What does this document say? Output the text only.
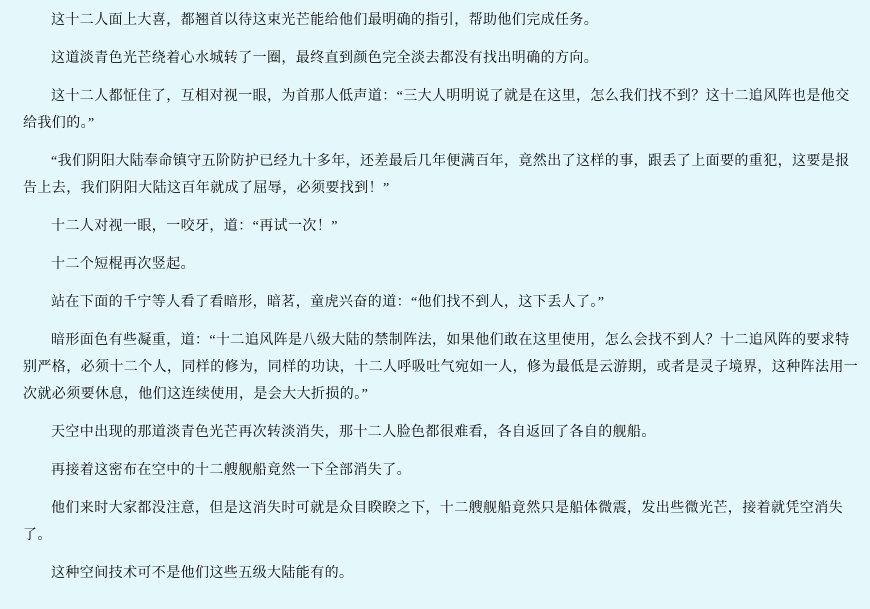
这十二人面上大喜，都翘首以待这束光芒能给他们最明确的指引，帮助他们完成任务。

这道淡青色光芒绕着心水城转了一圈，最终直到颜色完全淡去都没有找出明确的方向。

这十二人都怔住了，互相对视一眼，为首那人低声道：“三大人明明说了就是在这里，怎么我们找不到？这十二追风阵也是他交给我们的。”

“我们阴阳大陆奉命镇守五阶防护已经九十多年，还差最后几年便满百年，竟然出了这样的事，跟丢了上面要的重犯，这要是报告上去，我们阴阳大陆这百年就成了屈辱，必须要找到！”

十二人对视一眼，一咬牙，道：“再试一次！”

十二个短棍再次竖起。

站在下面的千宁等人看了看暗形，暗茗，童虎兴奋的道：“他们找不到人，这下丢人了。”

暗形面色有些凝重，道：“十二追风阵是八级大陆的禁制阵法，如果他们敢在这里使用，怎么会找不到人？十二追风阵的要求特别严格，必须十二个人，同样的修为，同样的功诀，十二人呼吸吐气宛如一人，修为最低是云游期，或者是灵子境界，这种阵法用一次就必须要休息，他们这连续使用，是会大大折损的。”

天空中出现的那道淡青色光芒再次转淡消失，那十二人脸色都很难看，各自返回了各自的舰船。

再接着这密布在空中的十二艘舰船竟然一下全部消失了。

他们来时大家都没注意，但是这消失时可就是众目睽睽之下，十二艘舰船竟然只是船体微震，发出些微光芒，接着就凭空消失了。

这种空间技术可不是他们这些五级大陆能有的。
